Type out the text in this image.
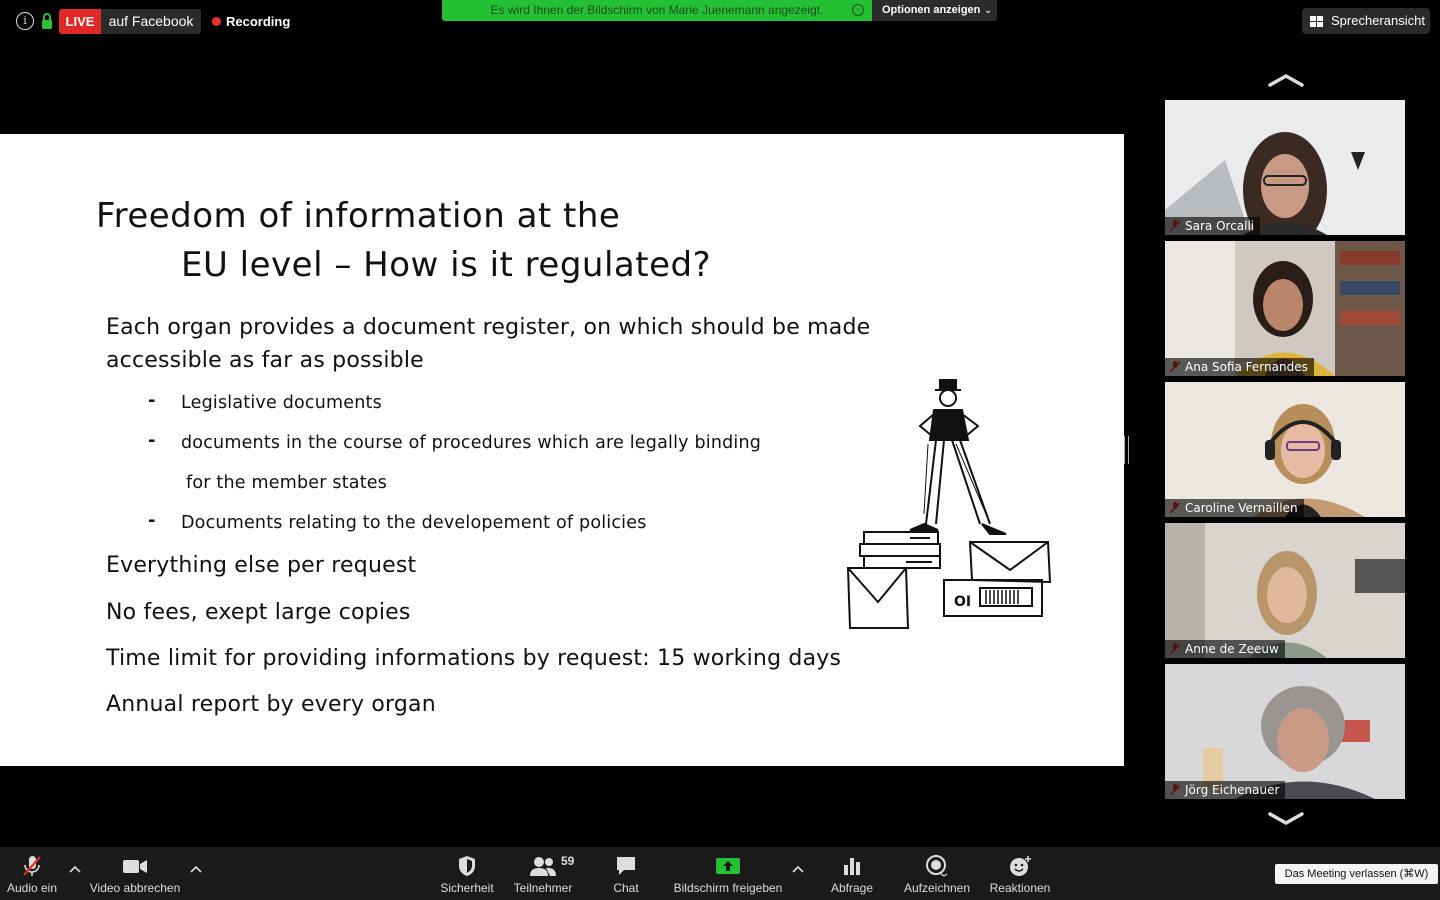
i	LIVE	auf Facebook	Recording
Es wird Ihnen der Bildschirm von Marie Juenemann angezeigt.	◦	Optionen anzeigen ⌄
Sprecheransicht
Freedom of information at the
EU level – How is it regulated?
Each organ provides a document register, on which should be made
accessible as far as possible
- Legislative documents
- documents in the course of procedures which are legally binding
for the member states
- Documents relating to the developement of policies
Everything else per request
No fees, exept large copies
Time limit for providing informations by request: 15 working days
Annual report by every organ
OI
Sara Orcalli
Ana Sofia Fernandes
Caroline Vernaillen
Anne de Zeeuw
Jörg Eichenauer
Audio ein	Video abbrechen	Sicherheit	Teilnehmer
59
Chat	Bildschirm freigeben	Abfrage	Aufzeichnen	Reaktionen
Das Meeting verlassen (⌘W)
